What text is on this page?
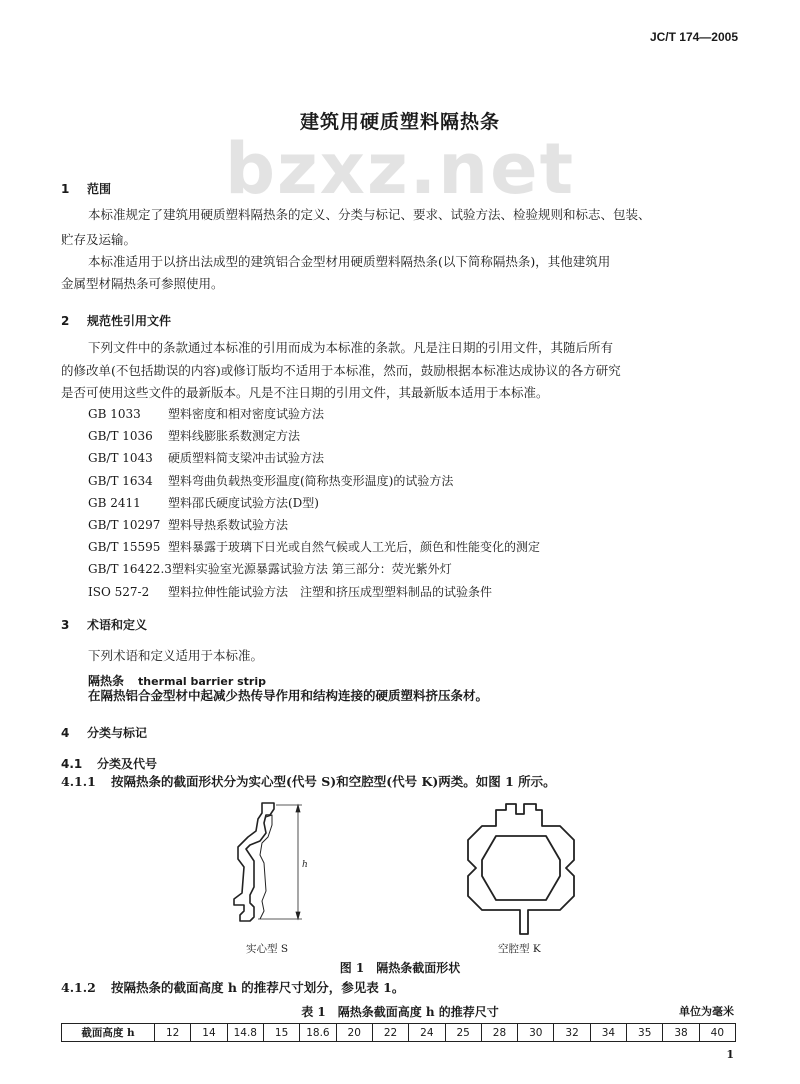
JC/T 174—2005
bzxz.net
建筑用硬质塑料隔热条
1 范围
本标准规定了建筑用硬质塑料隔热条的定义、分类与标记、要求、试验方法、检验规则和标志、包装、
贮存及运输。
本标准适用于以挤出法成型的建筑铝合金型材用硬质塑料隔热条(以下简称隔热条)，其他建筑用
金属型材隔热条可参照使用。
2 规范性引用文件
下列文件中的条款通过本标准的引用而成为本标准的条款。凡是注日期的引用文件，其随后所有
的修改单(不包括勘误的内容)或修订版均不适用于本标准，然而，鼓励根据本标准达成协议的各方研究
是否可使用这些文件的最新版本。凡是不注日期的引用文件，其最新版本适用于本标准。
GB 1033 塑料密度和相对密度试验方法
GB/T 1036 塑料线膨胀系数测定方法
GB/T 1043 硬质塑料简支梁冲击试验方法
GB/T 1634 塑料弯曲负载热变形温度(简称热变形温度)的试验方法
GB 2411 塑料邵氏硬度试验方法(D型)
GB/T 10297 塑料导热系数试验方法
GB/T 15595 塑料暴露于玻璃下日光或自然气候或人工光后，颜色和性能变化的测定
GB/T 16422.3塑料实验室光源暴露试验方法 第三部分：荧光紫外灯
ISO 527-2 塑料拉伸性能试验方法　注塑和挤压成型塑料制品的试验条件
3 术语和定义
下列术语和定义适用于本标准。
隔热条 thermal barrier strip
在隔热铝合金型材中起减少热传导作用和结构连接的硬质塑料挤压条材。
4 分类与标记
4.1 分类及代号
4.1.1 按隔热条的截面形状分为实心型(代号 S)和空腔型(代号 K)两类。如图 1 所示。
h
实心型 S	空腔型 K
图 1　隔热条截面形状
4.1.2 按隔热条的截面高度 h 的推荐尺寸划分，参见表 1。
表 1　隔热条截面高度 h 的推荐尺寸	单位为毫米
截面高度 h	12	14	14.8	15	18.6	20	22	24	25	28	30	32	34	35	38	40
1
